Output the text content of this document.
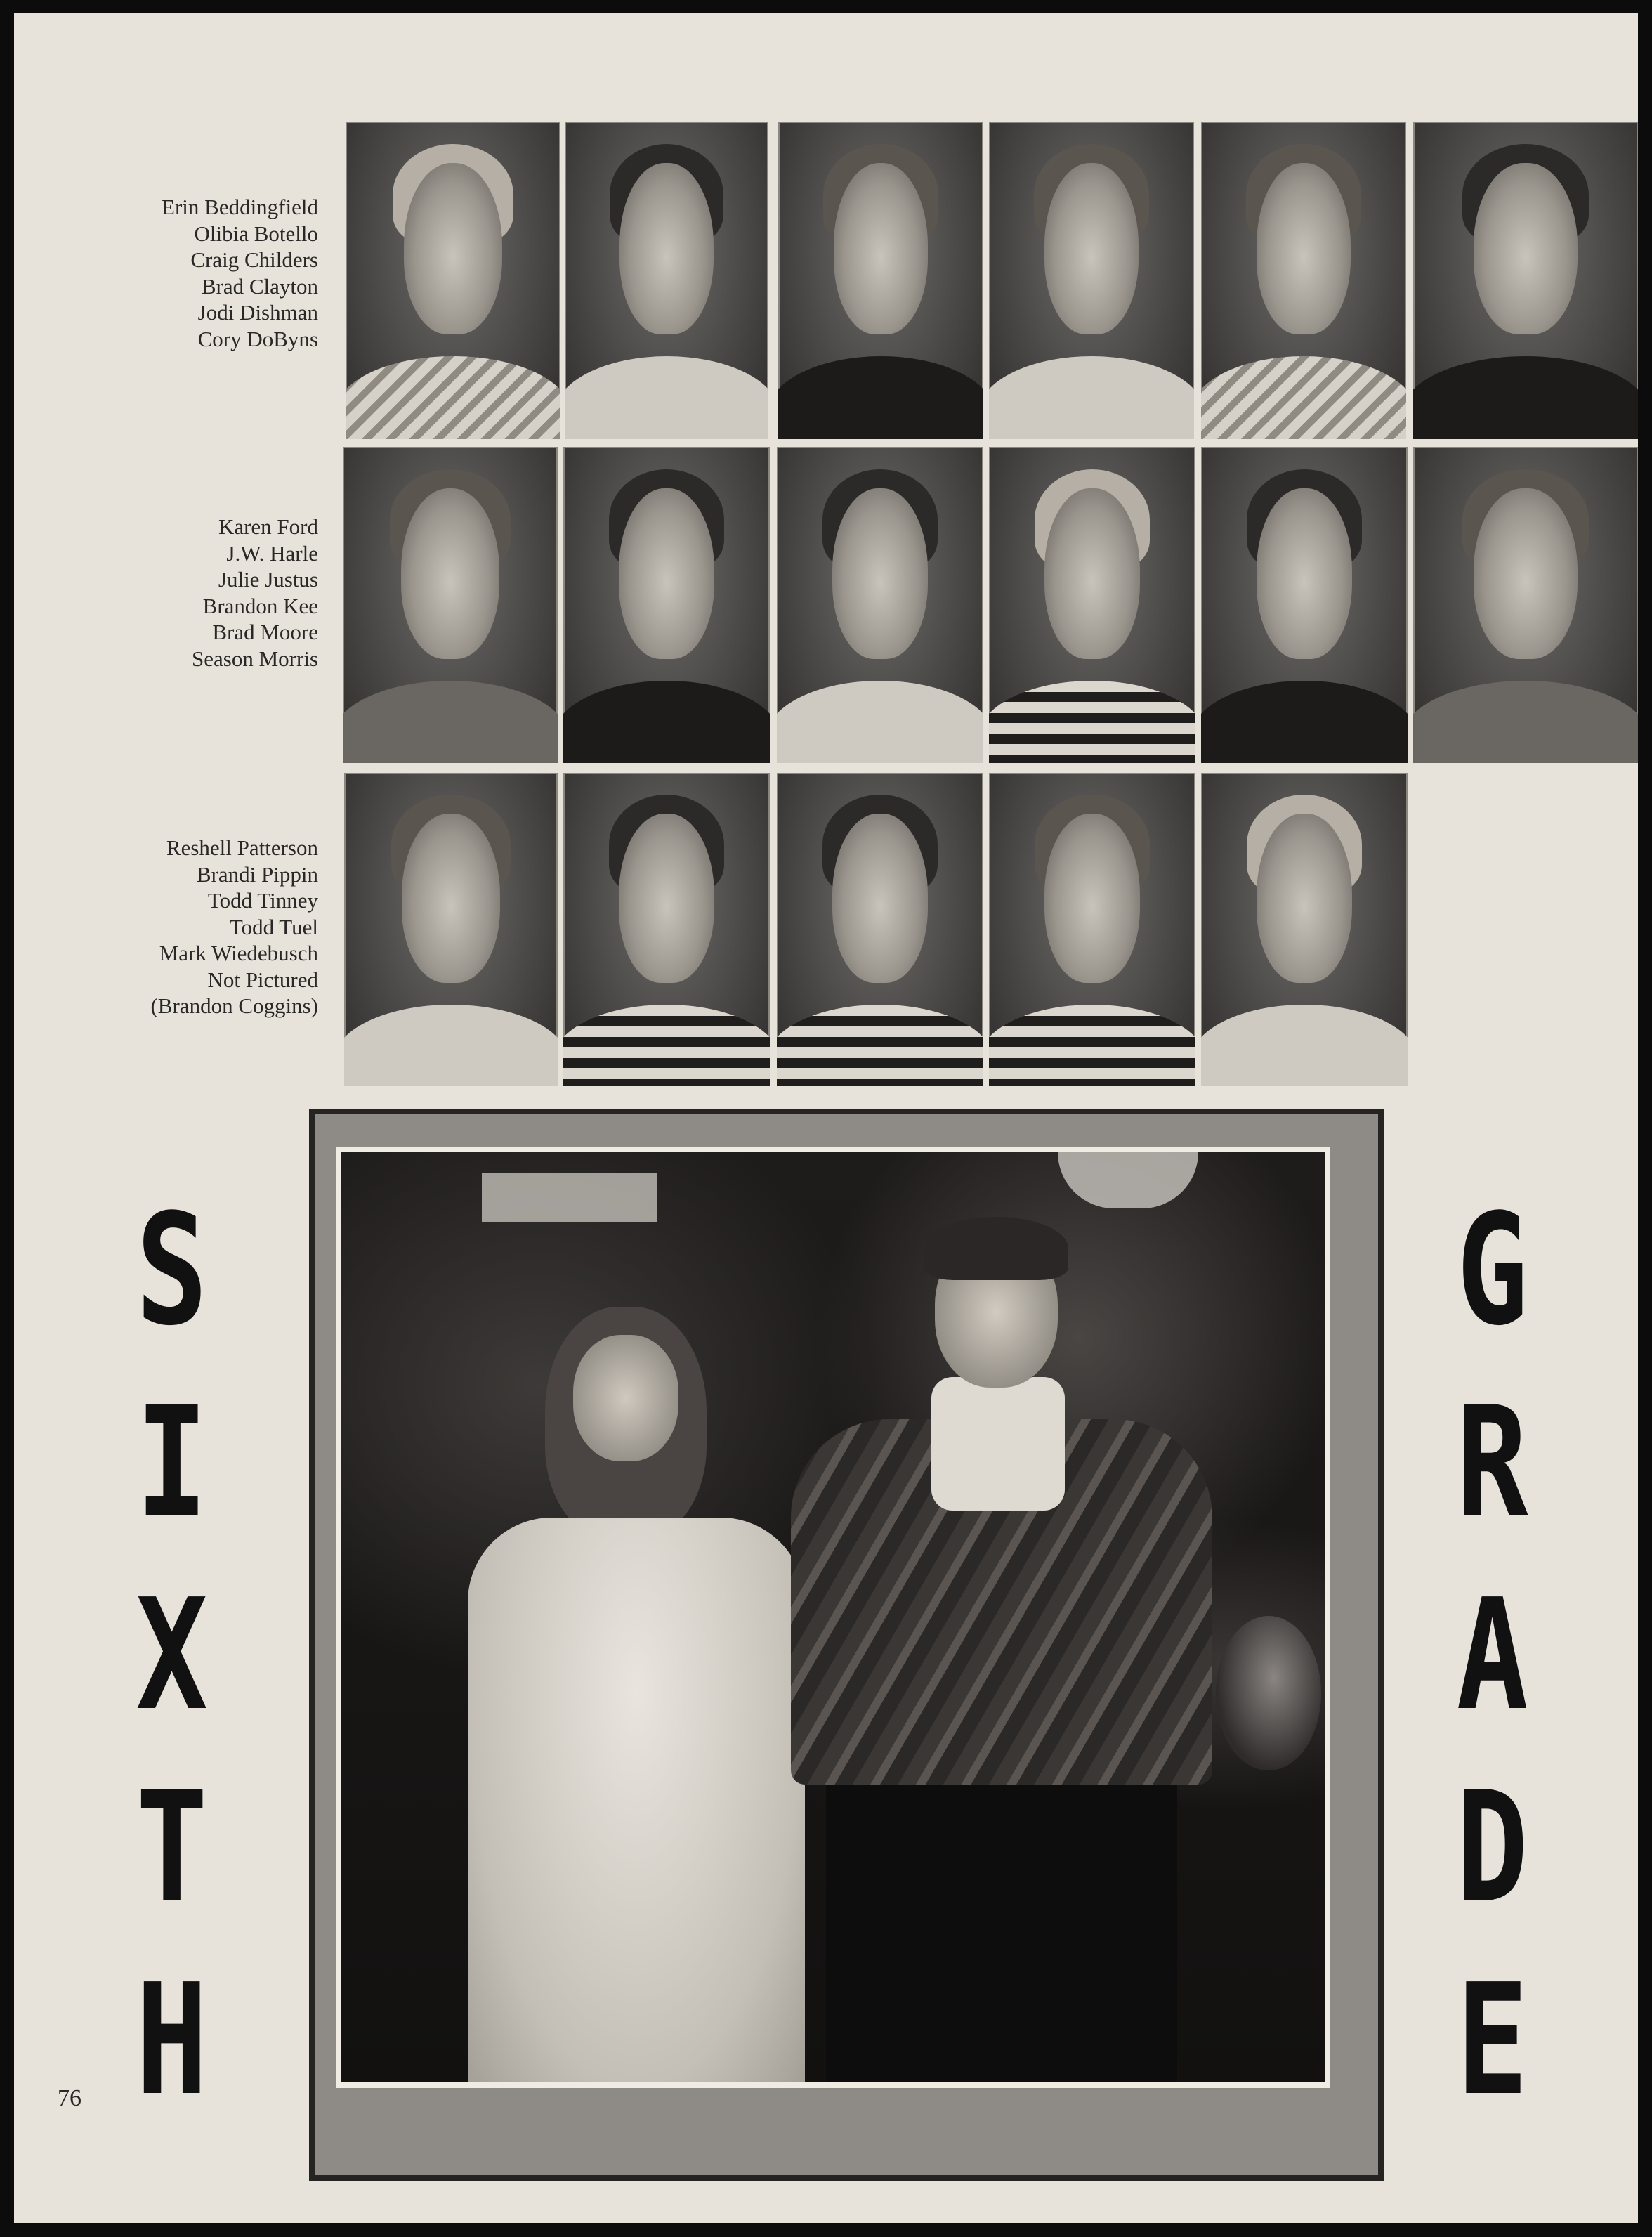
Erin Beddingfield
Olibia Botello
Craig Childers
Brad Clayton
Jodi Dishman
Cory DoByns
Karen Ford
J.W. Harle
Julie Justus
Brandon Kee
Brad Moore
Season Morris
Reshell Patterson
Brandi Pippin
Todd Tinney
Todd Tuel
Mark Wiedebusch
Not Pictured
(Brandon Coggins)
S
I
X
T
H
G
R
A
D
E
76
